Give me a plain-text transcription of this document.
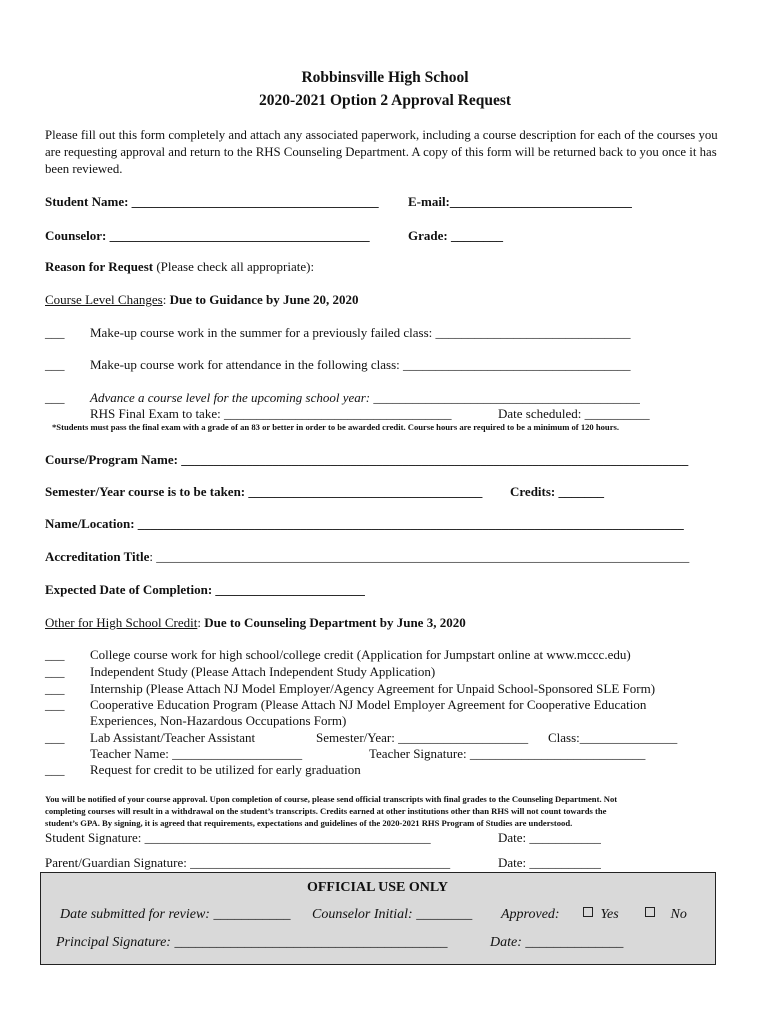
Robbinsville High School
2020-2021 Option 2 Approval Request
Please fill out this form completely and attach any associated paperwork, including a course description for each of the courses you are requesting approval and return to the RHS Counseling Department. A copy of this form will be returned back to you once it has been reviewed.
Student Name: ______________________________________ E-mail:____________________________
Counselor: ________________________________________	Grade: ________
Reason for Request (Please check all appropriate):
Course Level Changes: Due to Guidance by June 20, 2020
___ Make-up course work in the summer for a previously failed class: ______________________________
___ Make-up course work for attendance in the following class: ___________________________________
___ Advance a course level for the upcoming school year: _________________________________________
RHS Final Exam to take: ___________________________________	Date scheduled: __________
*Students must pass the final exam with a grade of an 83 or better in order to be awarded credit. Course hours are required to be a minimum of 120 hours.
Course/Program Name: ______________________________________________________________________________
Semester/Year course is to be taken: ____________________________________ Credits: _______
Name/Location: ____________________________________________________________________________________
Accreditation Title: __________________________________________________________________________________
Expected Date of Completion: _______________________
Other for High School Credit: Due to Counseling Department by June 3, 2020
___ College course work for high school/college credit (Application for Jumpstart online at www.mccc.edu)
___ Independent Study (Please Attach Independent Study Application)
___ Internship (Please Attach NJ Model Employer/Agency Agreement for Unpaid School-Sponsored SLE Form)
___ Cooperative Education Program (Please Attach NJ Model Employer Agreement for Cooperative Education
Experiences, Non-Hazardous Occupations Form)
___ Lab Assistant/Teacher Assistant	Semester/Year: ____________________ Class:_______________
Teacher Name: ____________________	Teacher Signature: ___________________________
___ Request for credit to be utilized for early graduation
You will be notified of your course approval. Upon completion of course, please send official transcripts with final grades to the Counseling Department. Not
completing courses will result in a withdrawal on the student’s transcripts. Credits earned at other institutions other than RHS will not count towards the
student’s GPA. By signing, it is agreed that requirements, expectations and guidelines of the 2020-2021 RHS Program of Studies are understood.
Student Signature: ____________________________________________	Date: ___________
Parent/Guardian Signature: ________________________________________	Date: ___________
OFFICIAL USE ONLY
Date submitted for review: ___________ Counselor Initial: ________ Approved:	Yes	No
Principal Signature: _______________________________________	Date: ______________
